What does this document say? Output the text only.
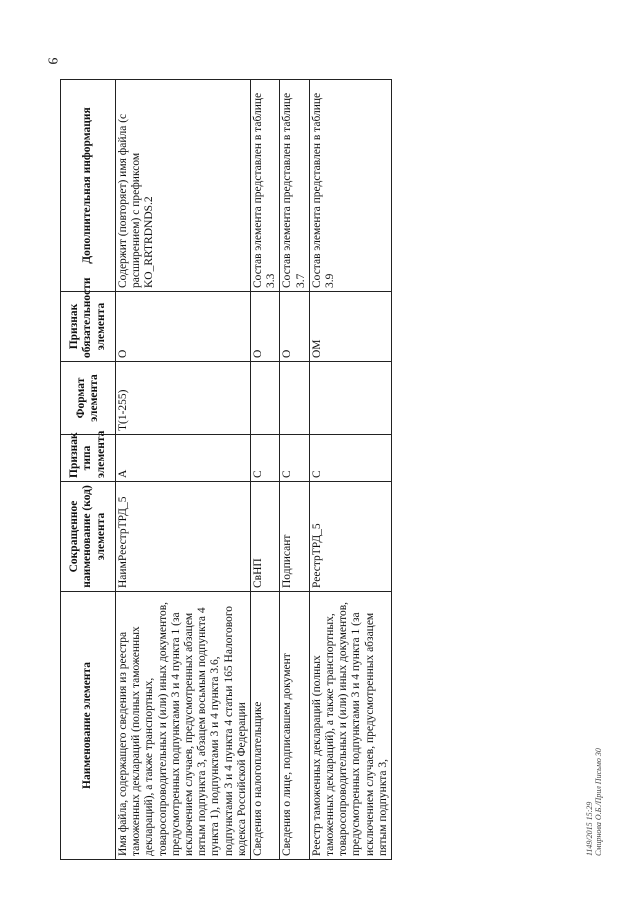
9
Наименование элемента	Сокращенное наименование (код) элемента	Признак типа элемента	Формат элемента	Признак обязательности элемента	Дополнительная информация
Имя файла, содержащего сведения из реестра таможенных деклараций (полных таможенных деклараций), а также транспортных, товаросопроводительных и (или) иных документов, предусмотренных подпунктами 3 и 4 пункта 1 (за исключением случаев, предусмотренных абзацем пятым подпункта 3, абзацем восьмым подпункта 4 пункта 1), подпунктами 3 и 4 пункта 3.6, подпунктами 3 и 4 пункта 4 статьи 165 Налогового кодекса Российской Федерации	НаимРеестрТРД_5	А	T(1-255)	О	Содержит (повторяет) имя файла (с расширением) с префиксом KO_RRTRDNDS.2
Сведения о налогоплательщике	СвНП	С		О	Состав элемента представлен в таблице 3.3
Сведения о лице, подписавшем документ	Подписант	С		О	Состав элемента представлен в таблице 3.7
Реестр таможенных деклараций (полных таможенных деклараций), а также транспортных, товаросопроводительных и (или) иных документов, предусмотренных подпунктами 3 и 4 пункта 1 (за исключением случаев, предусмотренных абзацем пятым подпункта 3,	РеестрТРД_5	С		ОМ	Состав элемента представлен в таблице 3.9
1149/2015 15:29 Смирнова О.Б./Прил Письмо 30
